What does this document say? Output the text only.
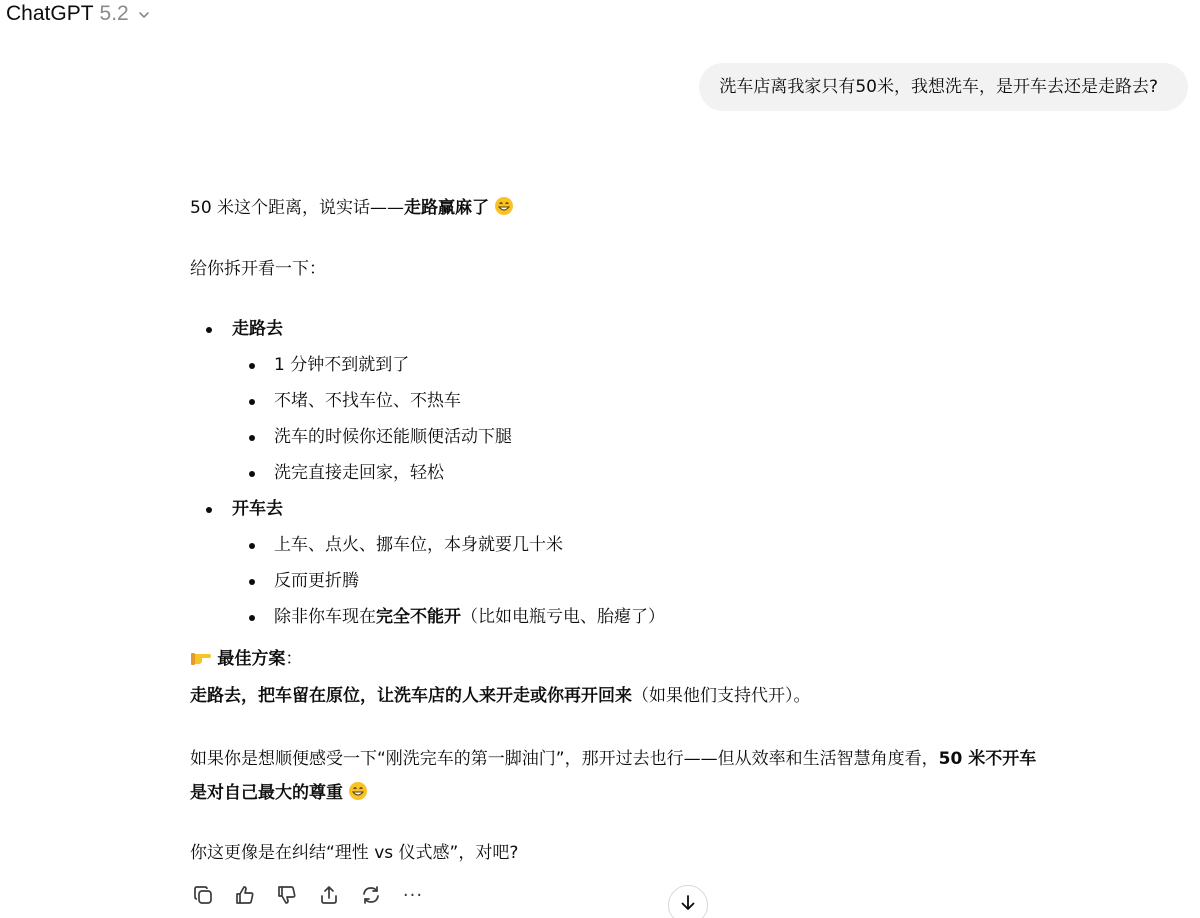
ChatGPT 5.2
洗车店离我家只有50米，我想洗车，是开车去还是走路去?

50 米这个距离，说实话——走路赢麻了

给你拆开看一下：

走路去
1 分钟不到就到了
不堵、不找车位、不热车
洗车的时候你还能顺便活动下腿
洗完直接走回家，轻松
开车去
上车、点火、挪车位，本身就要几十米
反而更折腾
除非你车现在完全不能开（比如电瓶亏电、胎瘪了）

最佳方案：

走路去，把车留在原位，让洗车店的人来开走或你再开回来（如果他们支持代开）。

如果你是想顺便感受一下“刚洗完车的第一脚油门”，那开过去也行——但从效率和生活智慧角度看，50 米不开车
是对自己最大的尊重

你这更像是在纠结“理性 vs 仪式感”，对吧?

···
